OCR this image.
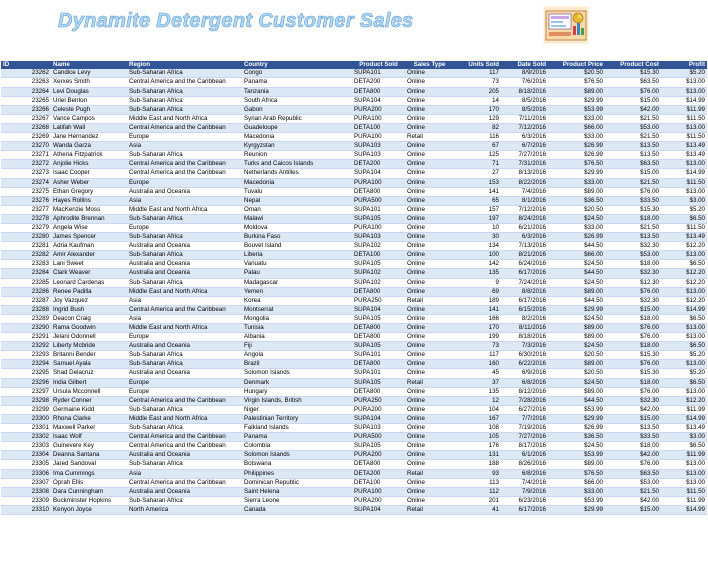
Dynamite Detergent Customer Sales
ID	Name	Region	Country	Product Sold	Sales Type	Units Sold	Date Sold	Product Price	Product Cost	Profit
23262	Candice Levy	Sub-Saharan Africa	Congo	SUPA101	Online	117	8/9/2016	$20.50	$15.30	$5.20
23263	Xerxes Smith	Central America and the Caribbean	Panama	DETA200	Online	73	7/6/2016	$76.50	$63.50	$13.00
23264	Levi Douglas	Sub-Saharan Africa	Tanzania	DETA800	Online	205	8/18/2016	$89.00	$76.00	$13.00
23265	Uriel Benton	Sub-Saharan Africa	South Africa	SUPA104	Online	14	8/5/2016	$29.99	$15.00	$14.99
23266	Celeste Pugh	Sub-Saharan Africa	Gabon	PURA200	Online	170	8/5/2016	$53.99	$42.00	$11.99
23267	Vance Campos	Middle East and North Africa	Syrian Arab Republic	PURA100	Online	129	7/11/2016	$33.00	$21.50	$11.50
23268	Latifah Wall	Central America and the Caribbean	Guadeloupe	DETA100	Online	82	7/12/2016	$66.00	$53.00	$13.00
23269	Jane Hernandez	Europe	Macedonia	PURA100	Retail	116	6/3/2016	$33.00	$21.50	$11.50
23270	Wanda Garza	Asia	Kyrgyzstan	SUPA103	Online	67	6/7/2016	$26.99	$13.50	$13.49
23271	Athena Fitzpatrick	Sub-Saharan Africa	Reunion	SUPA103	Online	125	7/27/2016	$26.99	$13.50	$13.49
23272	Anjolie Hicks	Central America and the Caribbean	Turks and Caicos Islands	DETA200	Online	71	7/31/2016	$76.50	$63.50	$13.00
23273	Isaac Cooper	Central America and the Caribbean	Netherlands Antilles	SUPA104	Online	27	8/13/2016	$29.99	$15.00	$14.99
23274	Asher Weber	Europe	Macedonia	PURA100	Online	153	8/22/2016	$33.00	$21.50	$11.50
23275	Ethan Gregory	Australia and Oceania	Tuvalu	DETA800	Online	141	7/4/2016	$89.00	$76.00	$13.00
23276	Hayes Rollins	Asia	Nepal	PURA500	Online	65	8/1/2016	$36.50	$33.50	$3.00
23277	MacKenzie Moss	Middle East and North Africa	Oman	SUPA101	Online	157	7/12/2016	$20.50	$15.30	$5.20
23278	Aphrodite Brennan	Sub-Saharan Africa	Malawi	SUPA105	Online	197	8/24/2016	$24.50	$18.00	$6.50
23279	Angela Wise	Europe	Moldova	PURA100	Online	10	6/21/2016	$33.00	$21.50	$11.50
23280	James Spencer	Sub-Saharan Africa	Burkina Faso	SUPA103	Online	30	6/3/2016	$26.99	$13.50	$13.49
23281	Adria Kaufman	Australia and Oceania	Bouvet Island	SUPA102	Online	134	7/13/2016	$44.50	$32.30	$12.20
23282	Amir Alexander	Sub-Saharan Africa	Liberia	DETA100	Online	100	8/21/2016	$66.00	$53.00	$13.00
23283	Lani Sweet	Australia and Oceania	Vanuatu	SUPA105	Online	142	6/24/2016	$24.50	$18.00	$6.50
23284	Clark Weaver	Australia and Oceania	Palau	SUPA102	Online	135	6/17/2016	$44.50	$32.30	$12.20
23285	Leonard Cardenas	Sub-Saharan Africa	Madagascar	SUPA102	Online	9	7/24/2016	$24.50	$12.30	$12.20
23286	Renee Padilla	Middle East and North Africa	Yemen	DETA800	Online	69	8/8/2016	$89.00	$76.00	$13.00
23287	Joy Vazquez	Asia	Korea	PURA250	Retail	189	6/17/2016	$44.50	$32.30	$12.20
23288	Ingrid Bush	Central America and the Caribbean	Montserrat	SUPA104	Online	141	6/15/2016	$29.99	$15.00	$14.99
23289	Deacon Craig	Asia	Mongolia	SUPA105	Online	166	8/2/2016	$24.50	$18.00	$6.50
23290	Rama Goodwin	Middle East and North Africa	Tunisia	DETA800	Online	170	8/11/2016	$89.00	$76.00	$13.00
23291	Jelani Odonnell	Europe	Albania	DETA800	Online	199	8/18/2016	$89.00	$76.00	$13.00
23292	Liberty Mcbride	Australia and Oceania	Fiji	SUPA105	Online	73	7/3/2016	$24.50	$18.00	$6.50
23293	Britanni Bender	Sub-Saharan Africa	Angola	SUPA101	Online	117	6/30/2016	$20.50	$15.30	$5.20
23294	Samuel Ayala	Sub-Saharan Africa	Brazil	DETA800	Online	160	6/22/2016	$89.00	$76.00	$13.00
23295	Shad Delacruz	Australia and Oceania	Solomon Islands	SUPA101	Online	45	6/9/2016	$20.50	$15.30	$5.20
23296	India Gilbert	Europe	Denmark	SUPA105	Retail	37	6/8/2016	$24.50	$18.00	$6.50
23297	Ursula Mcconnell	Europe	Hungary	DETA800	Online	135	8/12/2016	$89.00	$76.00	$13.00
23298	Ryder Conner	Central America and the Caribbean	Virgin Islands, British	PURA250	Online	12	7/28/2016	$44.50	$32.30	$12.20
23299	Germaine Kidd	Sub-Saharan Africa	Niger	PURA200	Online	104	6/27/2016	$53.99	$42.00	$11.99
23300	Rhona Clarke	Middle East and North Africa	Palestinian Territory	SUPA104	Online	167	7/7/2016	$29.99	$15.00	$14.99
23301	Maxwell Parker	Sub-Saharan Africa	Falkland Islands	SUPA103	Online	108	7/19/2016	$26.99	$13.50	$13.49
23302	Isaac Wolf	Central America and the Caribbean	Panama	PURA500	Online	105	7/27/2016	$36.50	$33.50	$3.00
23303	Guinevere Key	Central America and the Caribbean	Colombia	SUPA105	Online	176	8/17/2016	$24.50	$18.00	$6.50
23304	Deanna Santana	Australia and Oceania	Solomon Islands	PURA200	Online	131	6/1/2016	$53.99	$42.00	$11.99
23305	Jared Sandoval	Sub-Saharan Africa	Botswana	DETA800	Online	188	8/26/2016	$89.00	$76.00	$13.00
23306	Ima Cummings	Asia	Philippines	DETA200	Retail	93	6/8/2016	$76.50	$63.50	$13.00
23307	Oprah Ellis	Central America and the Caribbean	Dominican Republic	DETA100	Online	113	7/4/2016	$66.00	$53.00	$13.00
23308	Dara Cunningham	Australia and Oceania	Saint Helena	PURA100	Online	112	7/9/2016	$33.00	$21.50	$11.50
23309	Buckminster Hopkins	Sub-Saharan Africa	Sierra Leone	PURA200	Online	201	6/23/2016	$53.99	$42.00	$11.99
23310	Kenyon Joyce	North America	Canada	SUPA104	Retail	41	6/17/2016	$29.99	$15.00	$14.99
